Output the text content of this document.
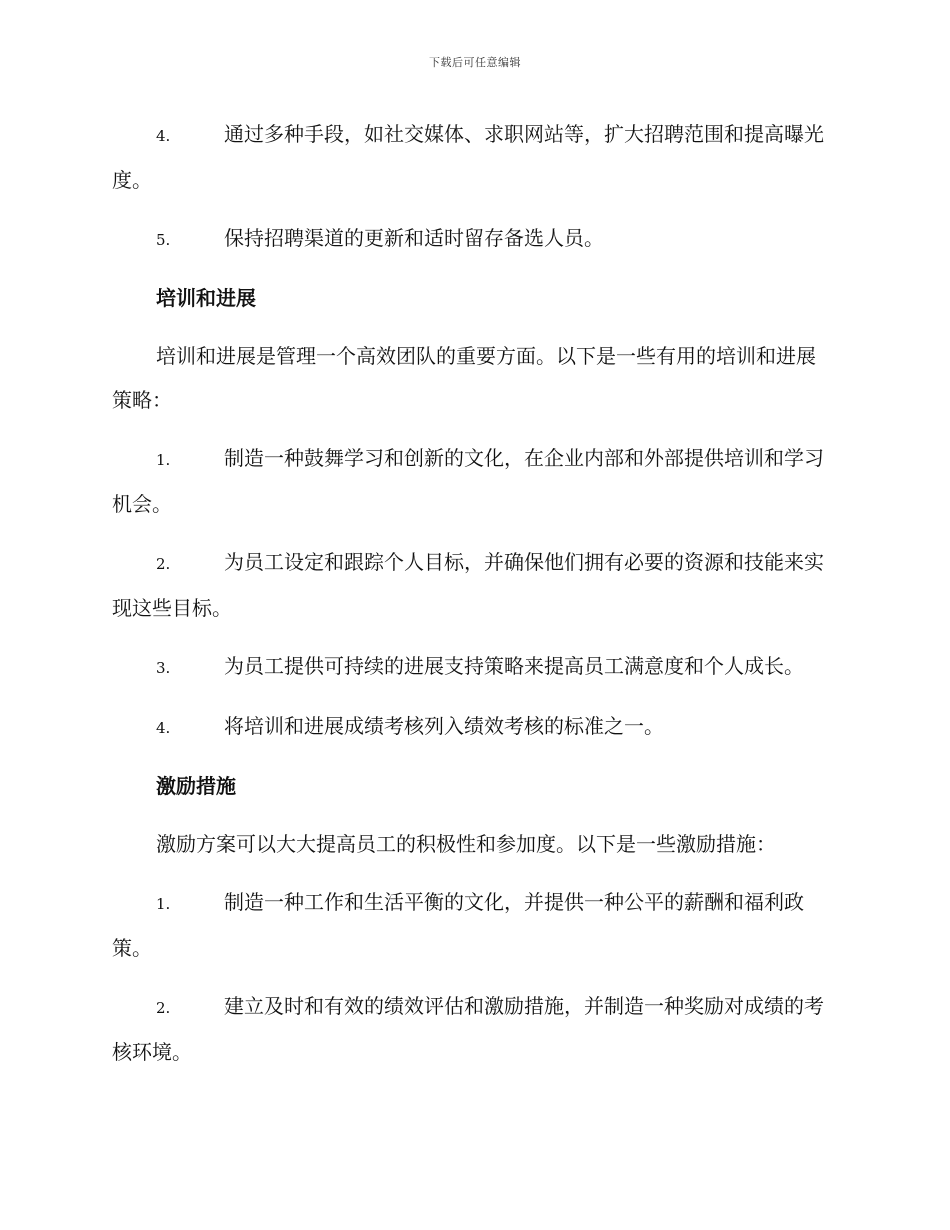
下载后可任意编辑

4.	通过多种手段，如社交媒体、求职网站等，扩大招聘范围和提高曝光度。

5.	保持招聘渠道的更新和适时留存备选人员。

培训和进展

培训和进展是管理一个高效团队的重要方面。以下是一些有用的培训和进展策略：

1.	制造一种鼓舞学习和创新的文化，在企业内部和外部提供培训和学习机会。

2.	为员工设定和跟踪个人目标，并确保他们拥有必要的资源和技能来实现这些目标。

3.	为员工提供可持续的进展支持策略来提高员工满意度和个人成长。

4.	将培训和进展成绩考核列入绩效考核的标准之一。

激励措施

激励方案可以大大提高员工的积极性和参加度。以下是一些激励措施：

1.	制造一种工作和生活平衡的文化，并提供一种公平的薪酬和福利政策。

2.	建立及时和有效的绩效评估和激励措施，并制造一种奖励对成绩的考核环境。
